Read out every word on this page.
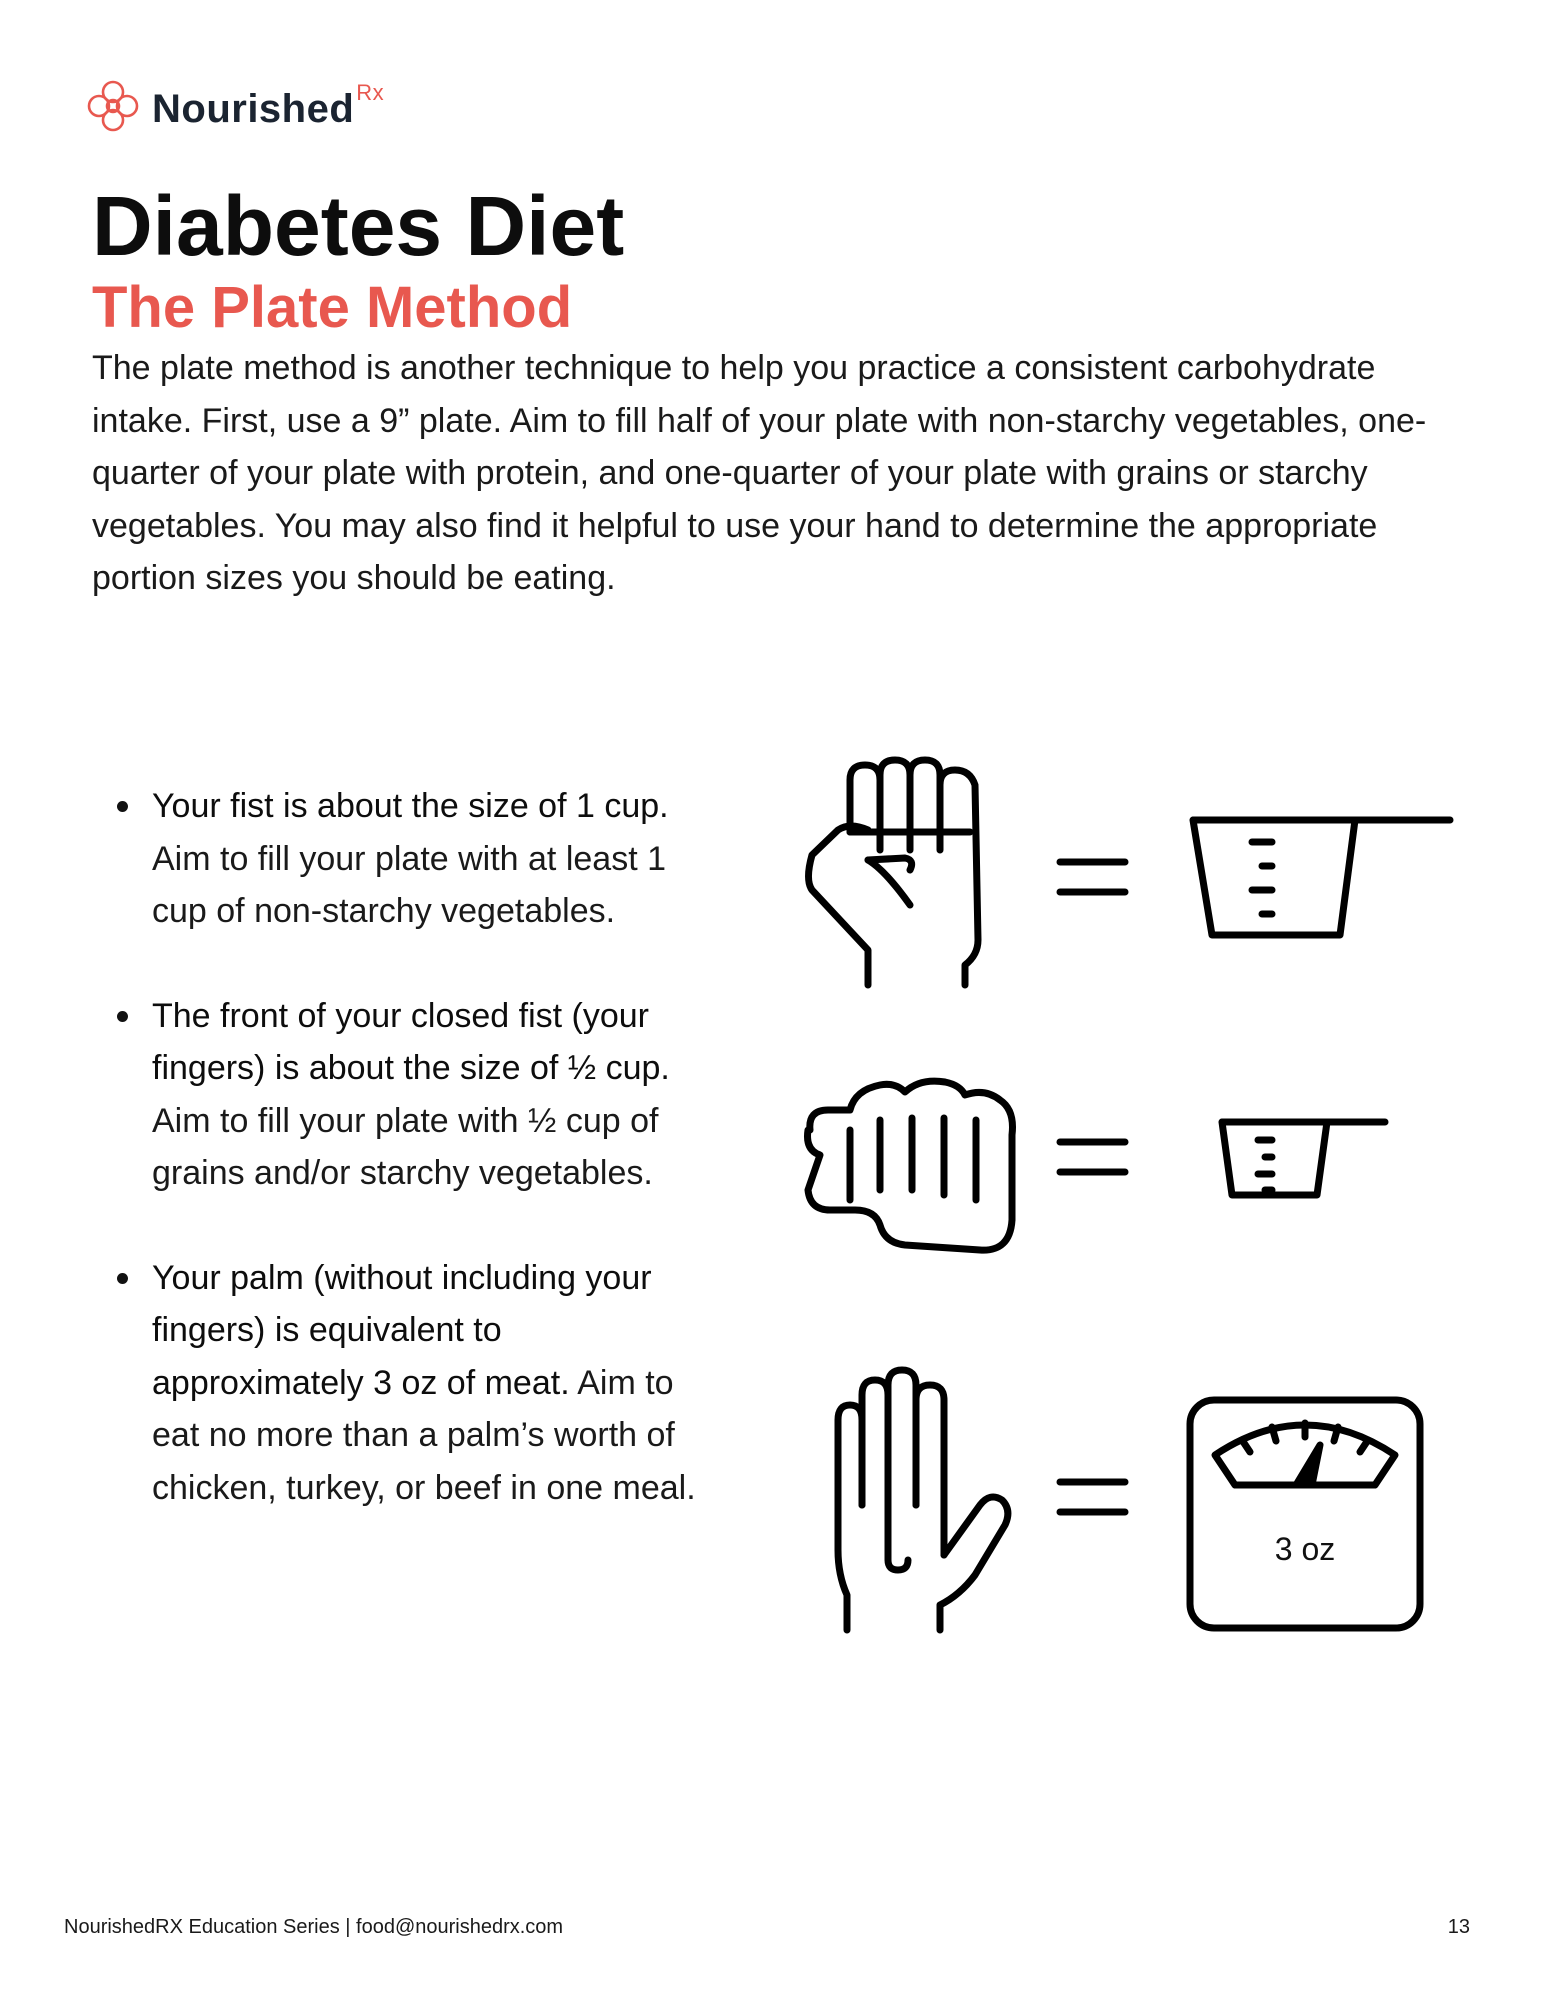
Nourished$^{Rx}$
Diabetes Diet
The Plate Method

The plate method is another technique to help you practice a consistent carbohydrate intake. First, use a 9” plate. Aim to fill half of your plate with non-starchy vegetables, one-quarter of your plate with protein, and one-quarter of your plate with grains or starchy vegetables. You may also find it helpful to use your hand to determine the appropriate portion sizes you should be eating.

Your fist is about the size of 1 cup. Aim to fill your plate with at least 1 cup of non-starchy vegetables.
The front of your closed fist (your fingers) is about the size of ½ cup. Aim to fill your plate with ½ cup of grains and/or starchy vegetables.
Your palm (without including your fingers) is equivalent to approximately 3 oz of meat. Aim to eat no more than a palm’s worth of chicken, turkey, or beef in one meal.
3 oz
NourishedRX Education Series | food@nourishedrx.com	13
